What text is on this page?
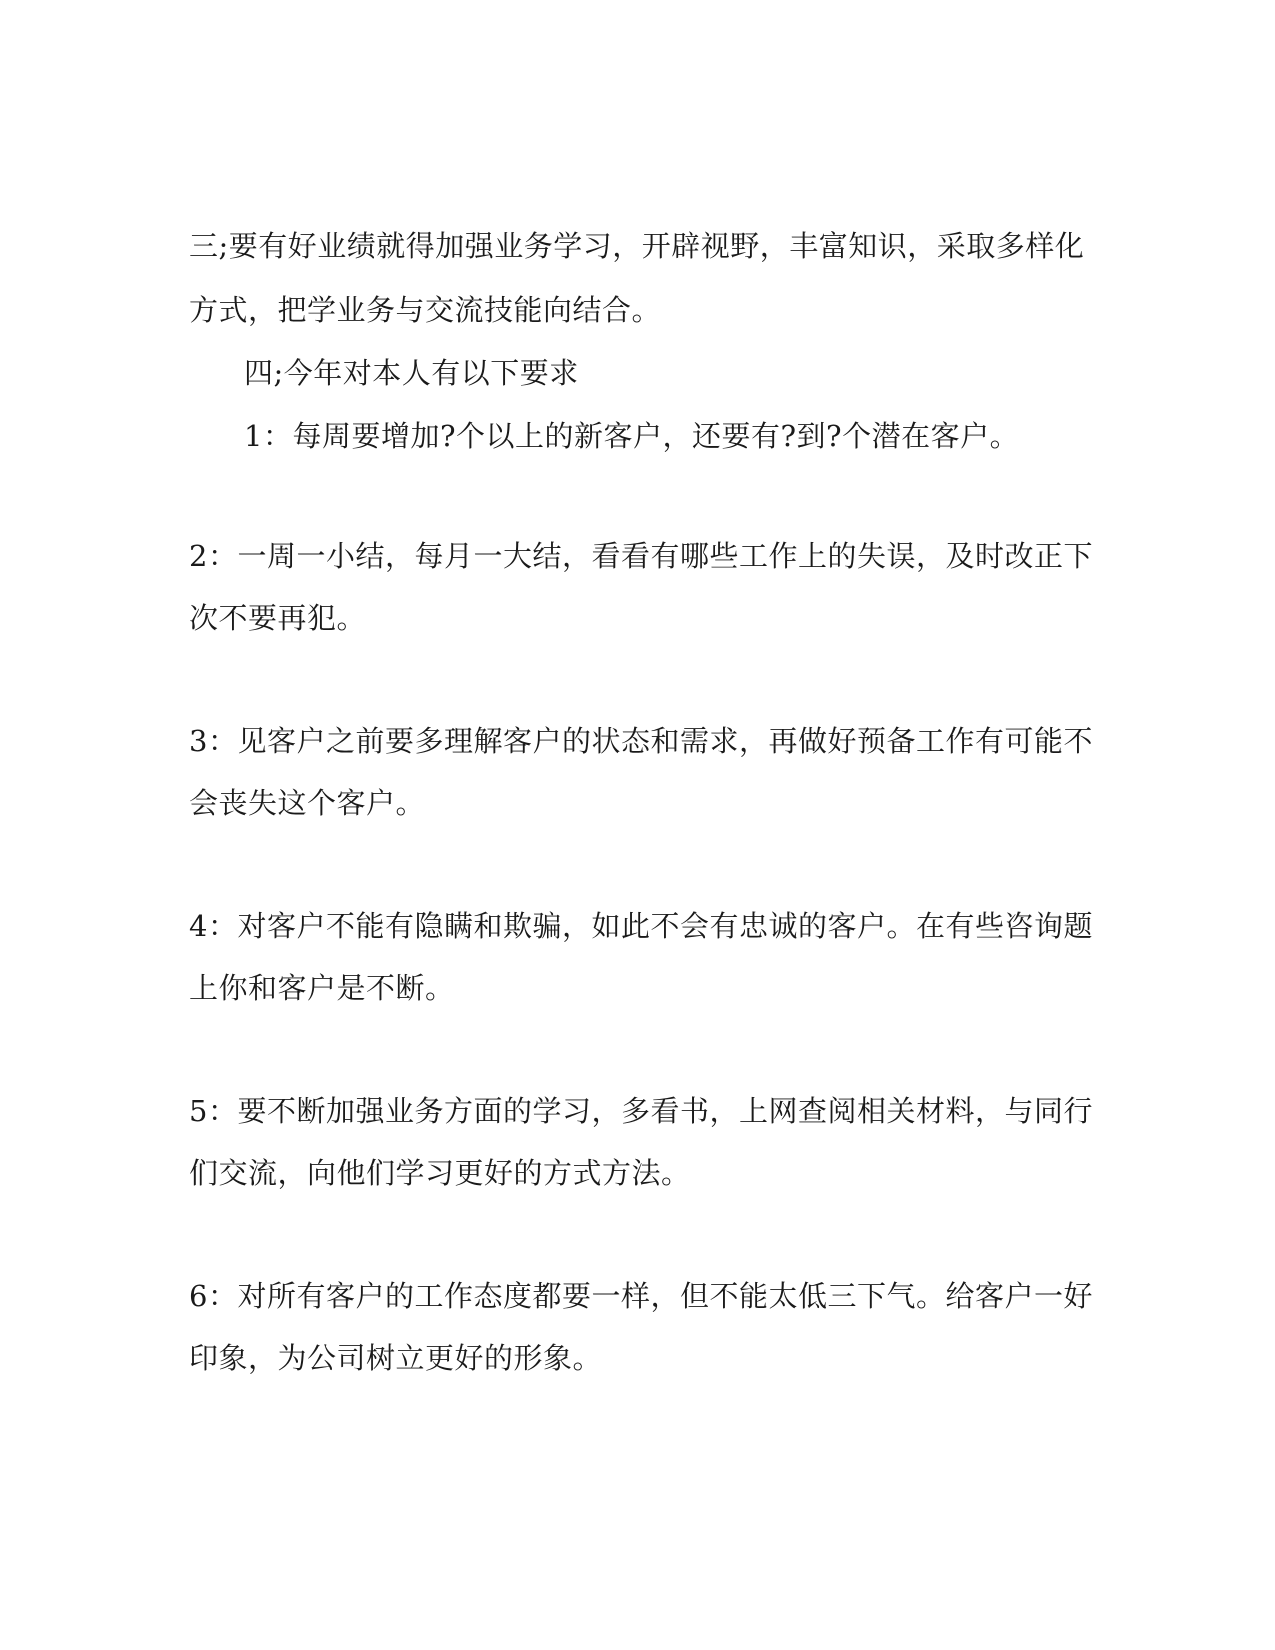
三;要有好业绩就得加强业务学习，开辟视野，丰富知识，采取多样化
方式，把学业务与交流技能向结合。
四;今年对本人有以下要求
1：每周要增加?个以上的新客户，还要有?到?个潜在客户。
2：一周一小结，每月一大结，看看有哪些工作上的失误，及时改正下
次不要再犯。
3：见客户之前要多理解客户的状态和需求，再做好预备工作有可能不
会丧失这个客户。
4：对客户不能有隐瞒和欺骗，如此不会有忠诚的客户。在有些咨询题
上你和客户是不断。
5：要不断加强业务方面的学习，多看书，上网查阅相关材料，与同行
们交流，向他们学习更好的方式方法。
6：对所有客户的工作态度都要一样，但不能太低三下气。给客户一好
印象，为公司树立更好的形象。
